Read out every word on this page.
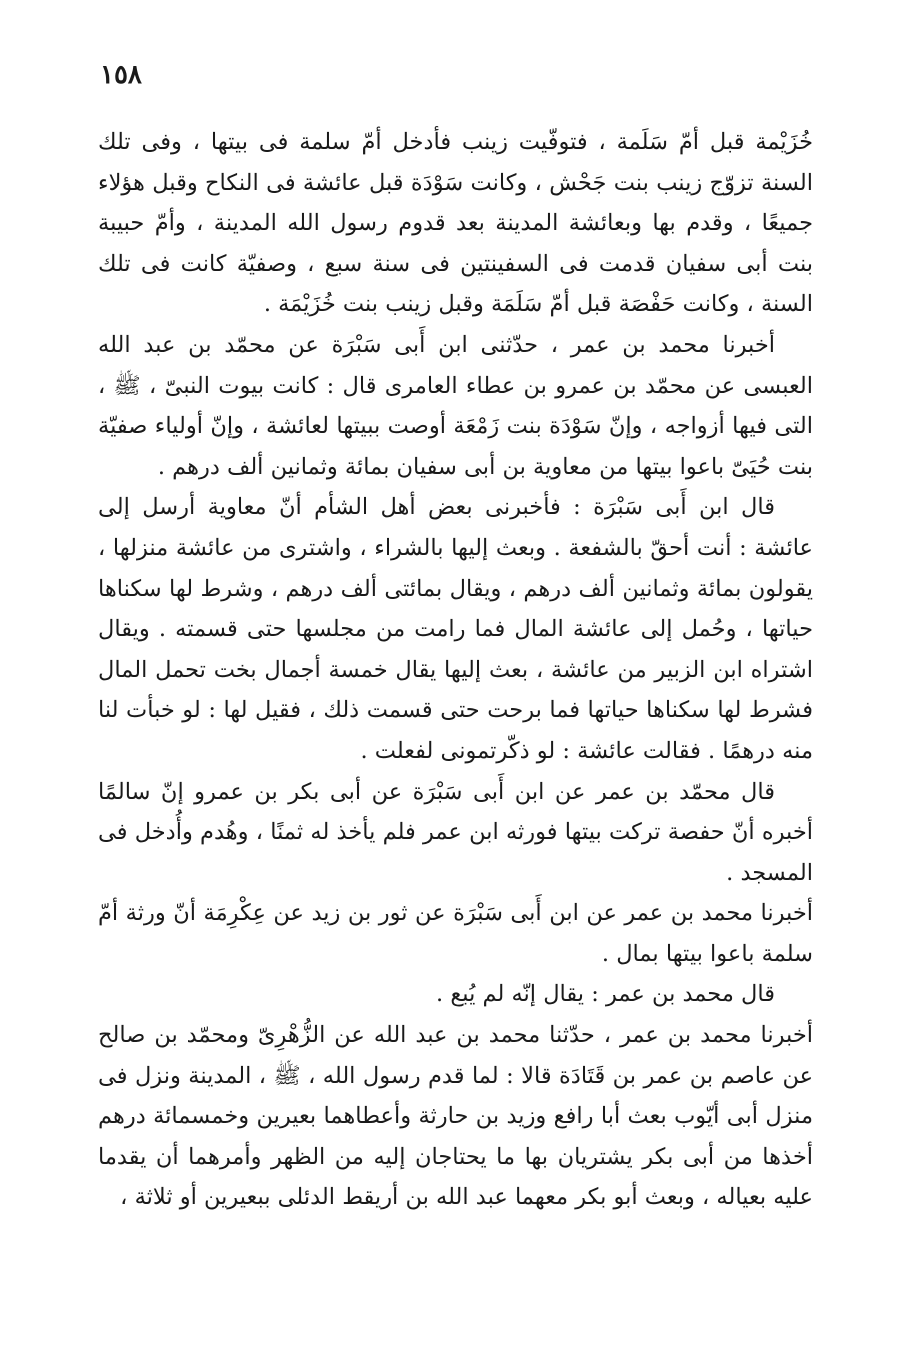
١٥٨

خُزَيْمة قبل أمّ سَلَمة ، فتوفّيت زينب فأدخل أمّ سلمة فى بيتها ، وفى تلك السنة تزوّج زينب بنت جَحْش ، وكانت سَوْدَة قبل عائشة فى النكاح وقبل هؤلاء جميعًا ، وقدم بها وبعائشة المدينة بعد قدوم رسول الله المدينة ، وأمّ حبيبة بنت أبى سفيان قدمت فى السفينتين فى سنة سبع ، وصفيّة كانت فى تلك السنة ، وكانت حَفْصَة قبل أمّ سَلَمَة وقبل زينب بنت خُزَيْمَة .

أخبرنا محمد بن عمر ، حدّثنى ابن أَبى سَبْرَة عن محمّد بن عبد الله العبسى عن محمّد بن عمرو بن عطاء العامرى قال : كانت بيوت النبىّ ، ﷺ ، التى فيها أزواجه ، وإنّ سَوْدَة بنت زَمْعَة أوصت ببيتها لعائشة ، وإنّ أولياء صفيّة بنت حُيَىّ باعوا بيتها من معاوية بن أبى سفيان بمائة وثمانين ألف درهم .

قال ابن أَبى سَبْرَة : فأخبرنى بعض أهل الشأم أنّ معاوية أرسل إلى عائشة : أنت أحقّ بالشفعة . وبعث إليها بالشراء ، واشترى من عائشة منزلها ، يقولون بمائة وثمانين ألف درهم ، ويقال بمائتى ألف درهم ، وشرط لها سكناها حياتها ، وحُمل إلى عائشة المال فما رامت من مجلسها حتى قسمته . ويقال اشتراه ابن الزبير من عائشة ، بعث إليها يقال خمسة أجمال بخت تحمل المال فشرط لها سكناها حياتها فما برحت حتى قسمت ذلك ، فقيل لها : لو خبأت لنا منه درهمًا . فقالت عائشة : لو ذكّرتمونى لفعلت .

قال محمّد بن عمر عن ابن أَبى سَبْرَة عن أبى بكر بن عمرو إنّ سالمًا أخبره أنّ حفصة تركت بيتها فورثه ابن عمر فلم يأخذ له ثمنًا ، وهُدم وأُدخل فى المسجد .

أخبرنا محمد بن عمر عن ابن أَبى سَبْرَة عن ثور بن زيد عن عِكْرِمَة أنّ ورثة أمّ سلمة باعوا بيتها بمال .

قال محمد بن عمر : يقال إنّه لم يُبع .

أخبرنا محمد بن عمر ، حدّثنا محمد بن عبد الله عن الزُّهْرِىّ ومحمّد بن صالح عن عاصم بن عمر بن قَتَادَة قالا : لما قدم رسول الله ، ﷺ ، المدينة ونزل فى منزل أبى أيّوب بعث أبا رافع وزيد بن حارثة وأعطاهما بعيرين وخمسمائة درهم أخذها من أبى بكر يشتريان بها ما يحتاجان إليه من الظهر وأمرهما أن يقدما عليه بعياله ، وبعث أبو بكر معهما عبد الله بن أريقط الدئلى ببعيرين أو ثلاثة ،
